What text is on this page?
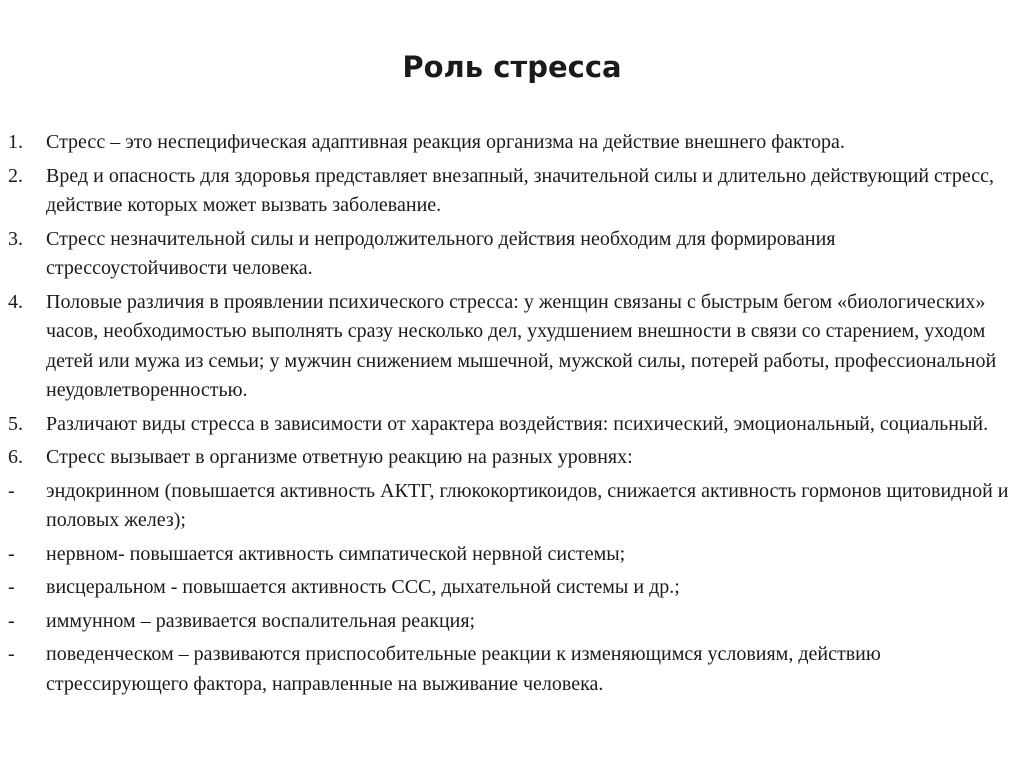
Роль стресса
1. Стресс – это неспецифическая адаптивная реакция организма на действие внешнего фактора.
2. Вред и опасность для здоровья представляет внезапный, значительной силы и длительно действующий стресс, действие которых может вызвать заболевание.
3. Стресс незначительной силы и непродолжительного действия необходим для формирования стрессоустойчивости человека.
4. Половые различия в проявлении психического стресса: у женщин связаны с быстрым бегом «биологических» часов, необходимостью выполнять сразу несколько дел, ухудшением внешности в связи со старением, уходом детей или мужа из семьи; у мужчин снижением мышечной, мужской силы, потерей работы, профессиональной неудовлетворенностью.
5. Различают виды стресса в зависимости от характера воздействия: психический, эмоциональный, социальный.
6. Стресс вызывает в организме ответную реакцию на разных уровнях:
- эндокринном (повышается активность АКТГ, глюкокортикоидов, снижается активность гормонов щитовидной и половых желез);
- нервном- повышается активность симпатической нервной системы;
- висцеральном - повышается активность ССС, дыхательной системы и др.;
- иммунном – развивается воспалительная реакция;
- поведенческом – развиваются приспособительные реакции к изменяющимся условиям, действию стрессирующего фактора, направленные на выживание человека.
